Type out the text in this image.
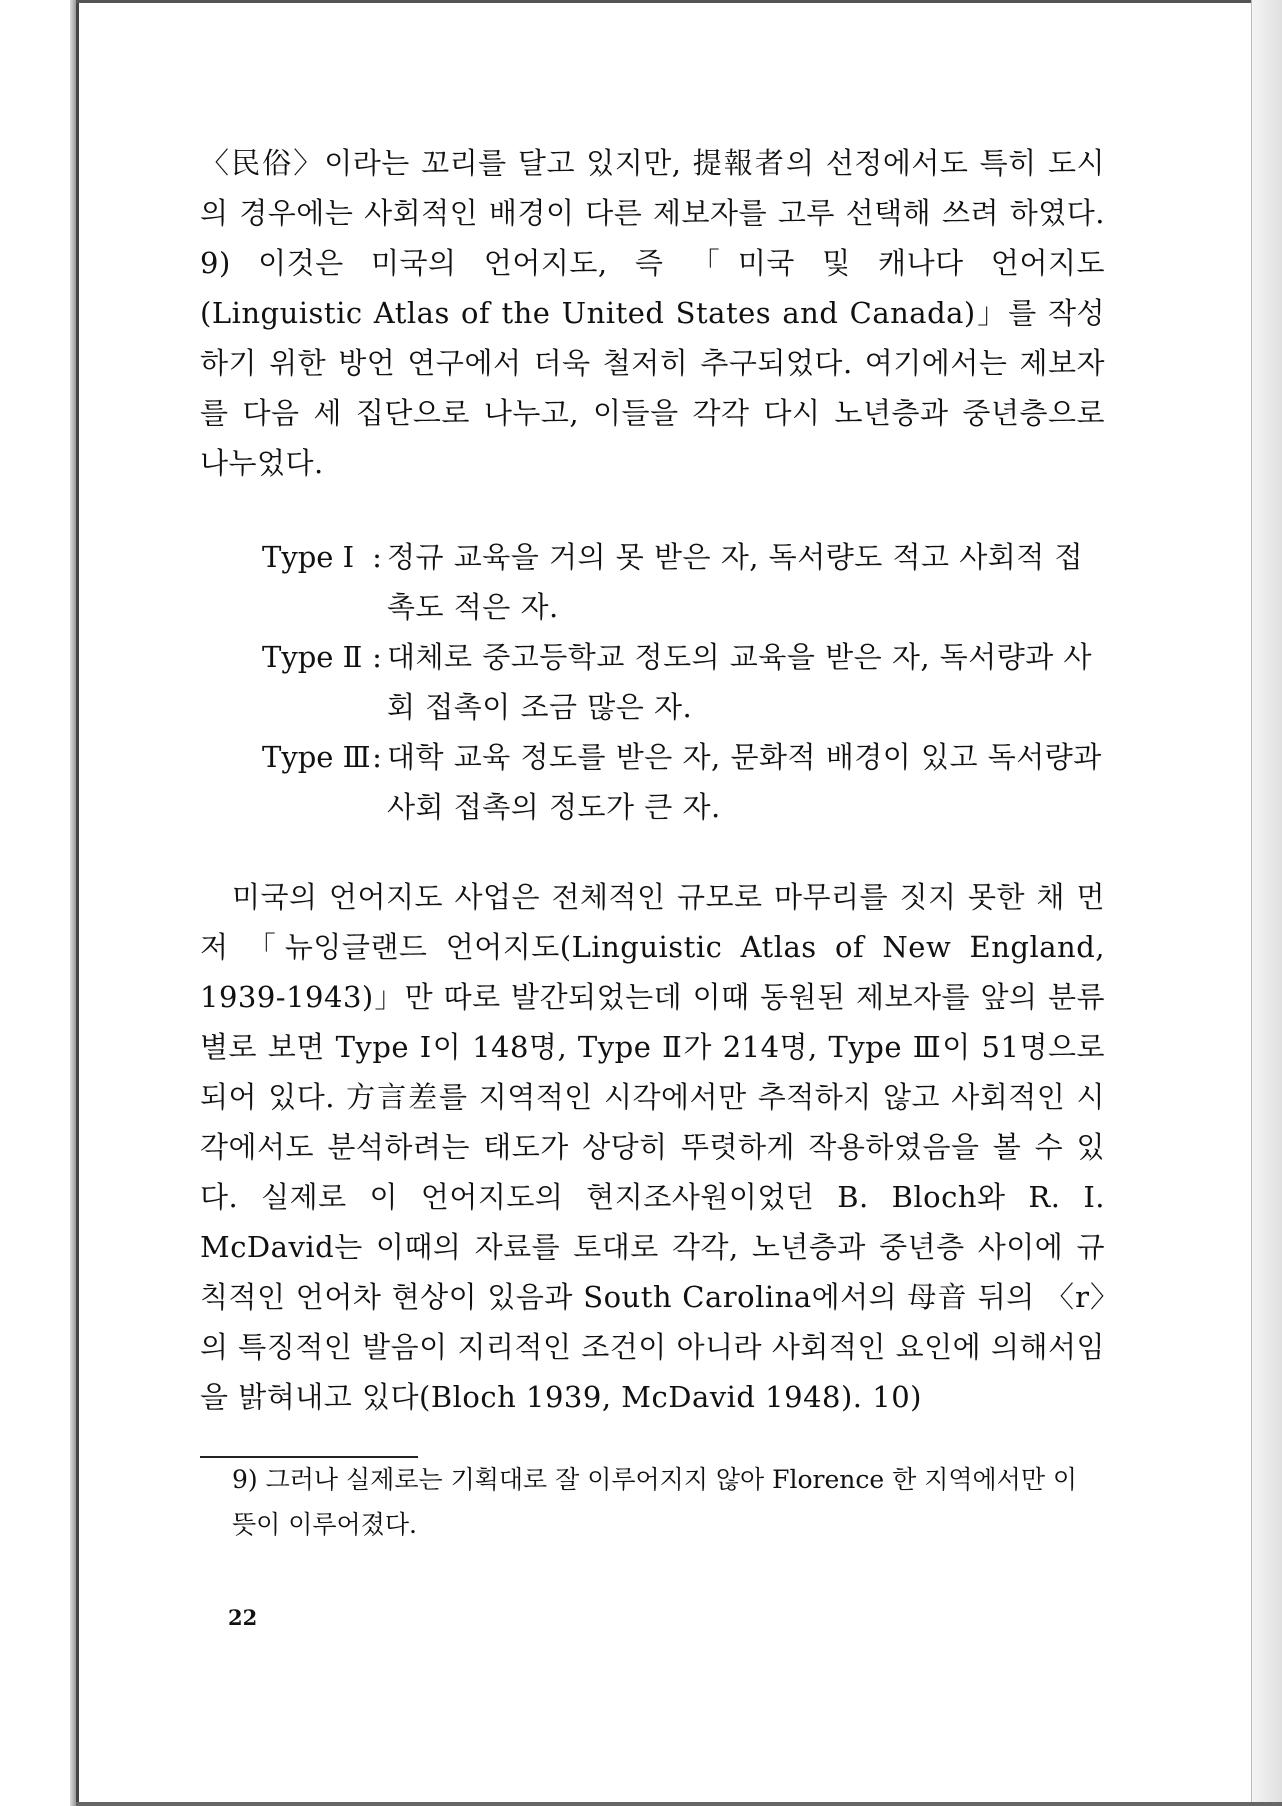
〈民俗〉이라는 꼬리를 달고 있지만, 提報者의 선정에서도 특히 도시의 경우에는 사회적인 배경이 다른 제보자를 고루 선택해 쓰려 하였다. 9) 이것은 미국의 언어지도, 즉 「미국 및 캐나다 언어지도(Linguistic Atlas of the United States and Canada)」를 작성하기 위한 방언 연구에서 더욱 철저히 추구되었다. 여기에서는 제보자를 다음 세 집단으로 나누고, 이들을 각각 다시 노년층과 중년층으로 나누었다.

Type Ⅰ : 정규 교육을 거의 못 받은 자, 독서량도 적고 사회적 접촉도 적은 자.
Type Ⅱ : 대체로 중고등학교 정도의 교육을 받은 자, 독서량과 사회 접촉이 조금 많은 자.
Type Ⅲ : 대학 교육 정도를 받은 자, 문화적 배경이 있고 독서량과 사회 접촉의 정도가 큰 자.

미국의 언어지도 사업은 전체적인 규모로 마무리를 짓지 못한 채 먼저 「뉴잉글랜드 언어지도(Linguistic Atlas of New England, 1939-1943)」만 따로 발간되었는데 이때 동원된 제보자를 앞의 분류별로 보면 Type Ⅰ이 148명, Type Ⅱ가 214명, Type Ⅲ이 51명으로 되어 있다. 方言差를 지역적인 시각에서만 추적하지 않고 사회적인 시각에서도 분석하려는 태도가 상당히 뚜렷하게 작용하였음을 볼 수 있다. 실제로 이 언어지도의 현지조사원이었던 B. Bloch와 R. I. McDavid는 이때의 자료를 토대로 각각, 노년층과 중년층 사이에 규칙적인 언어차 현상이 있음과 South Carolina에서의 母音 뒤의 〈r〉의 특징적인 발음이 지리적인 조건이 아니라 사회적인 요인에 의해서임을 밝혀내고 있다(Bloch 1939, McDavid 1948). 10)

9) 그러나 실제로는 기획대로 잘 이루어지지 않아 Florence 한 지역에서만 이 뜻이 이루어졌다.
22
